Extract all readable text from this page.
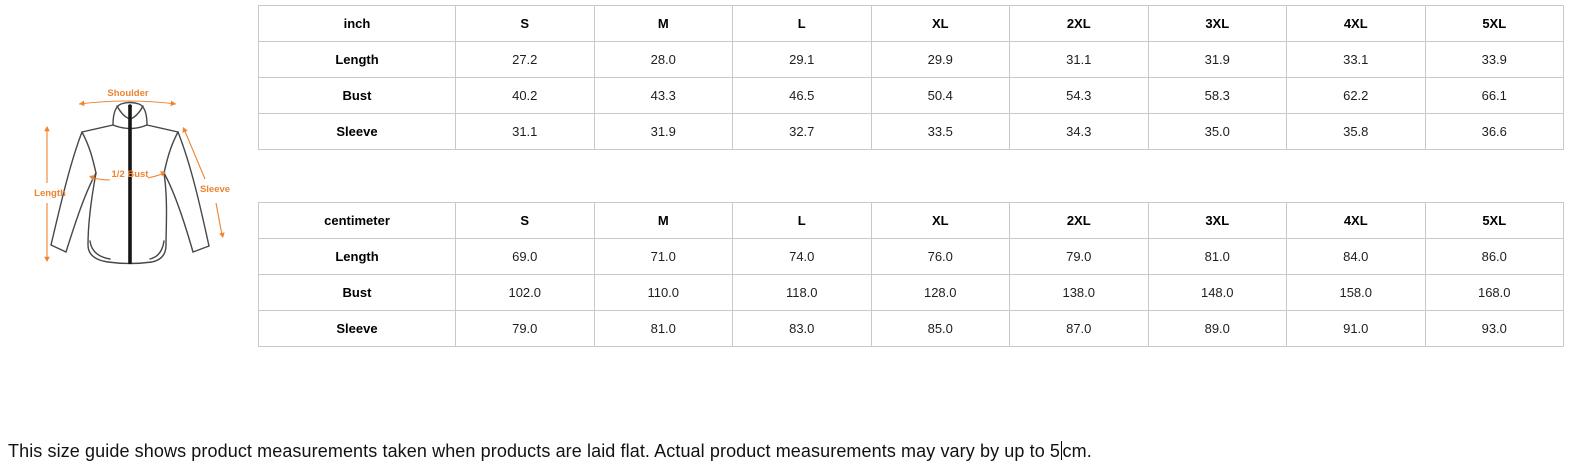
Shoulder
Length
1/2 Bust
Sleeve
inch	S	M	L	XL	2XL	3XL	4XL	5XL
Length	27.2	28.0	29.1	29.9	31.1	31.9	33.1	33.9
Bust	40.2	43.3	46.5	50.4	54.3	58.3	62.2	66.1
Sleeve	31.1	31.9	32.7	33.5	34.3	35.0	35.8	36.6
centimeter	S	M	L	XL	2XL	3XL	4XL	5XL
Length	69.0	71.0	74.0	76.0	79.0	81.0	84.0	86.0
Bust	102.0	110.0	118.0	128.0	138.0	148.0	158.0	168.0
Sleeve	79.0	81.0	83.0	85.0	87.0	89.0	91.0	93.0
This size guide shows product measurements taken when products are laid flat. Actual product measurements may vary by up to 5 cm.
